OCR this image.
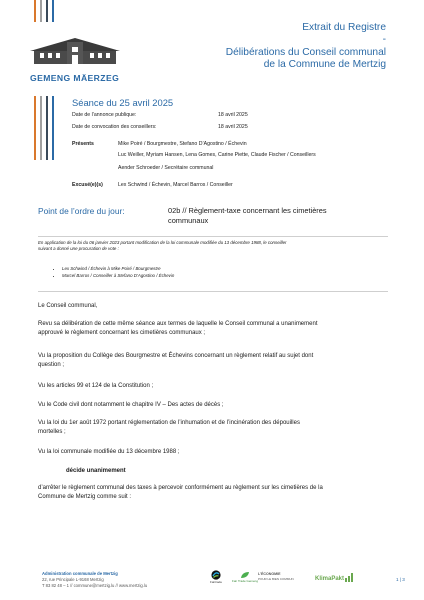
GEMENG MÄERZEG
Extrait du Registre
-
Délibérations du Conseil communal
de la Commune de Mertzig
Séance du 25 avril 2025
Date de l’annonce publique:	18 avril 2025
Date de convocation des conseillers:	18 avril 2025
Présents	Mike Poiré / Bourgmestre, Stefano D’Agostino / Échevin
Luc Weiller, Myriam Hansen, Lena Gomes, Carine Piette, Claude Fischer / Conseillers
Aender Schroeder / Secrétaire communal
Excusé(e)(s)	Lex Schwind / Échevin, Marcel Barros / Conseiller
Point de l’ordre du jour:	02b // Règlement-taxe concernant les cimetières
communaux
En application de la loi du 06 janvier 2023 portant modification de la loi communale modifiée du 13 décembre 1988, le conseiller
suivant a donné une procuration de vote :
• Lex Schwind / Échevin à Mike Poiré / Bourgmestre
• Marcel Barros / Conseiller à Stefano D’Agostino / Échevin
Le Conseil communal,
Revu sa délibération de cette même séance aux termes de laquelle le Conseil communal a unanimement
approuvé le règlement concernant les cimetières communaux ;
Vu la proposition du Collège des Bourgmestre et Échevins concernant un règlement relatif au sujet dont
question ;
Vu les articles 99 et 124 de la Constitution ;
Vu le Code civil dont notamment le chapitre IV – Des actes de décès ;
Vu la loi du 1er août 1972 portant réglementation de l’inhumation et de l’incinération des dépouilles
mortelles ;
Vu la loi communale modifiée du 13 décembre 1988 ;
décide unanimement
d’arrêter le règlement communal des taxes à percevoir conformément au règlement sur les cimetières de la
Commune de Mertzig comme suit :
Administration communale de Mertzig
22, rue Principale L-9168 Mertzig
T 83 82 48 – 1 // commune@mertzig.lu // www.mertzig.lu
Fairtrade	Fair Trade Gemeng
L’ÉCONOMIE
POUR LE BIEN COMMUN	KlimaPakt	1 | 3
